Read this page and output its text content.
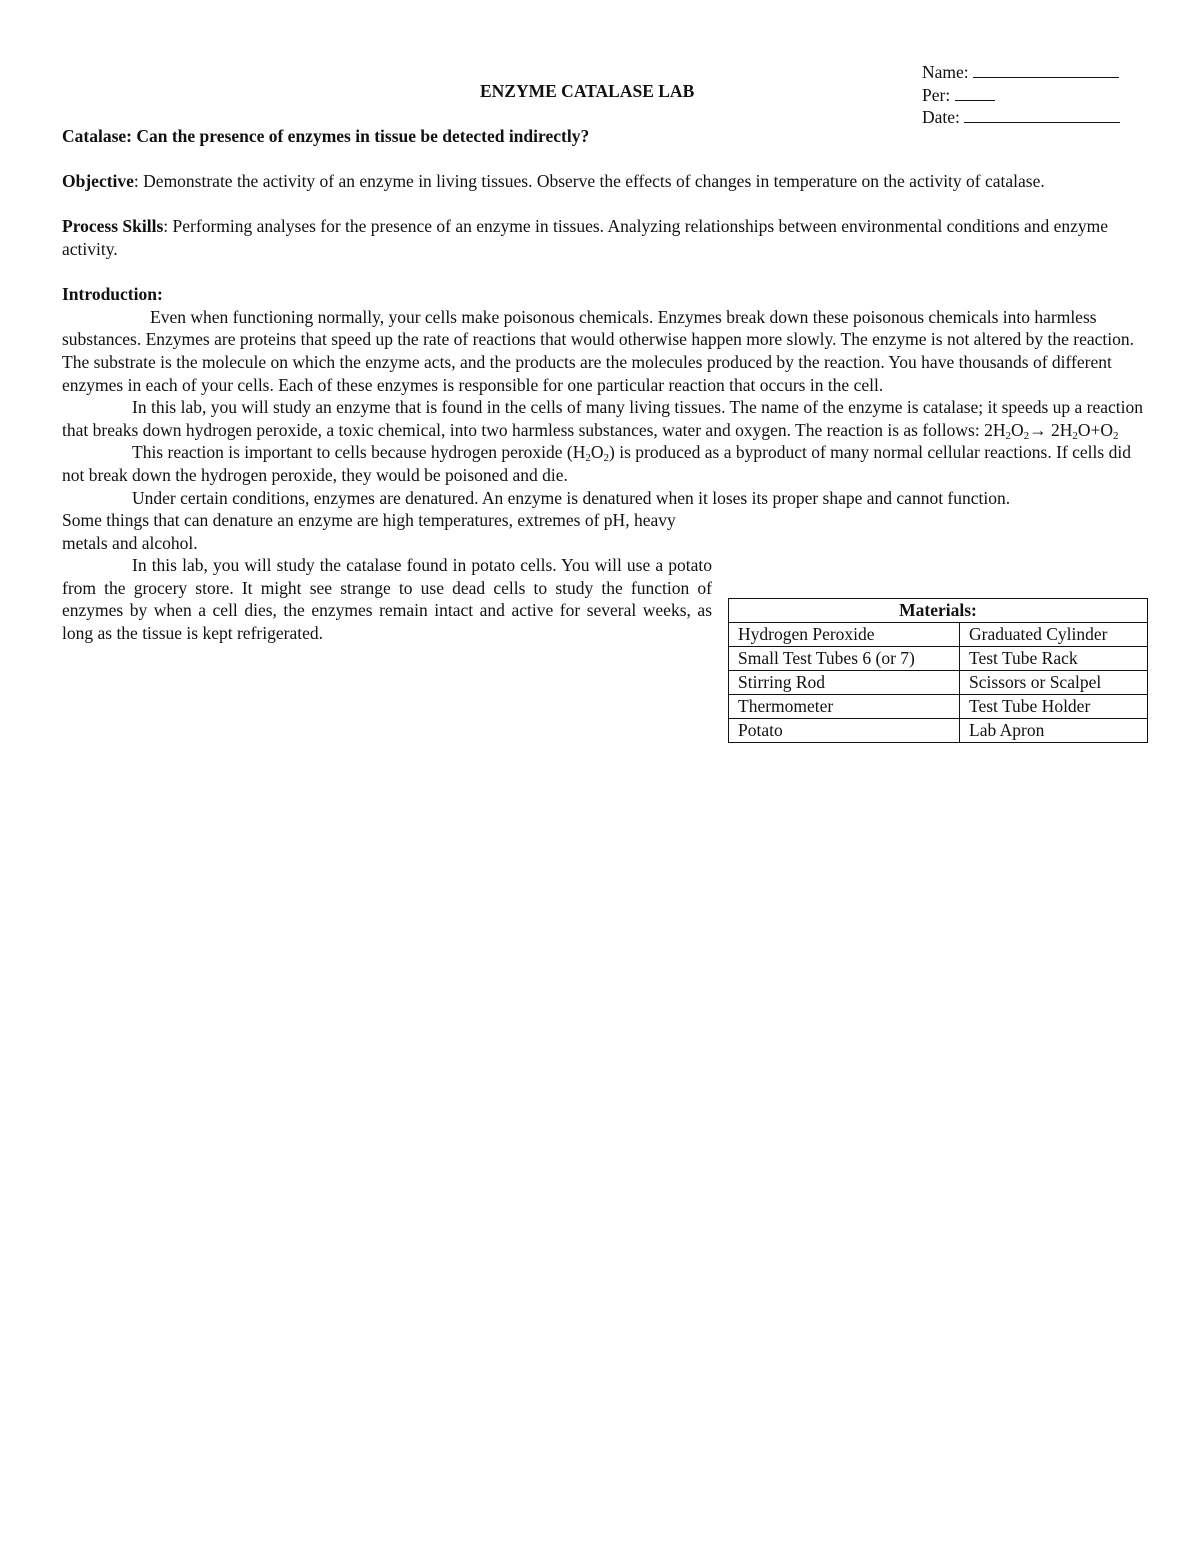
Name:
Per:
Date:
ENZYME CATALASE LAB

Catalase: Can the presence of enzymes in tissue be detected indirectly?

Objective: Demonstrate the activity of an enzyme in living tissues. Observe the effects of changes in temperature on the activity of catalase.

Process Skills: Performing analyses for the presence of an enzyme in tissues. Analyzing relationships between environmental conditions and enzyme activity.

Introduction:

Even when functioning normally, your cells make poisonous chemicals. Enzymes break down these poisonous chemicals into harmless substances. Enzymes are proteins that speed up the rate of reactions that would otherwise happen more slowly. The enzyme is not altered by the reaction. The substrate is the molecule on which the enzyme acts, and the products are the molecules produced by the reaction. You have thousands of different enzymes in each of your cells. Each of these enzymes is responsible for one particular reaction that occurs in the cell.

In this lab, you will study an enzyme that is found in the cells of many living tissues. The name of the enzyme is catalase; it speeds up a reaction that breaks down hydrogen peroxide, a toxic chemical, into two harmless substances, water and oxygen. The reaction is as follows: $2H_2O_2\to 2H_2O+O_2$

This reaction is important to cells because hydrogen peroxide $(H_2O_2)$ is produced as a byproduct of many normal cellular reactions. If cells did not break down the hydrogen peroxide, they would be poisoned and die.

Under certain conditions, enzymes are denatured. An enzyme is denatured when it loses its proper shape and cannot function.

Some things that can denature an enzyme are high temperatures, extremes of pH, heavy metals and alcohol.

In this lab, you will study the catalase found in potato cells. You will use a potato from the grocery store. It might see strange to use dead cells to study the function of enzymes by when a cell dies, the enzymes remain intact and active for several weeks, as long as the tissue is kept refrigerated.

Materials:	
Hydrogen Peroxide	Graduated Cylinder
Small Test Tubes 6 (or 7)	Test Tube Rack
Stirring Rod	Scissors or Scalpel
Thermometer	Test Tube Holder
Potato	Lab Apron
